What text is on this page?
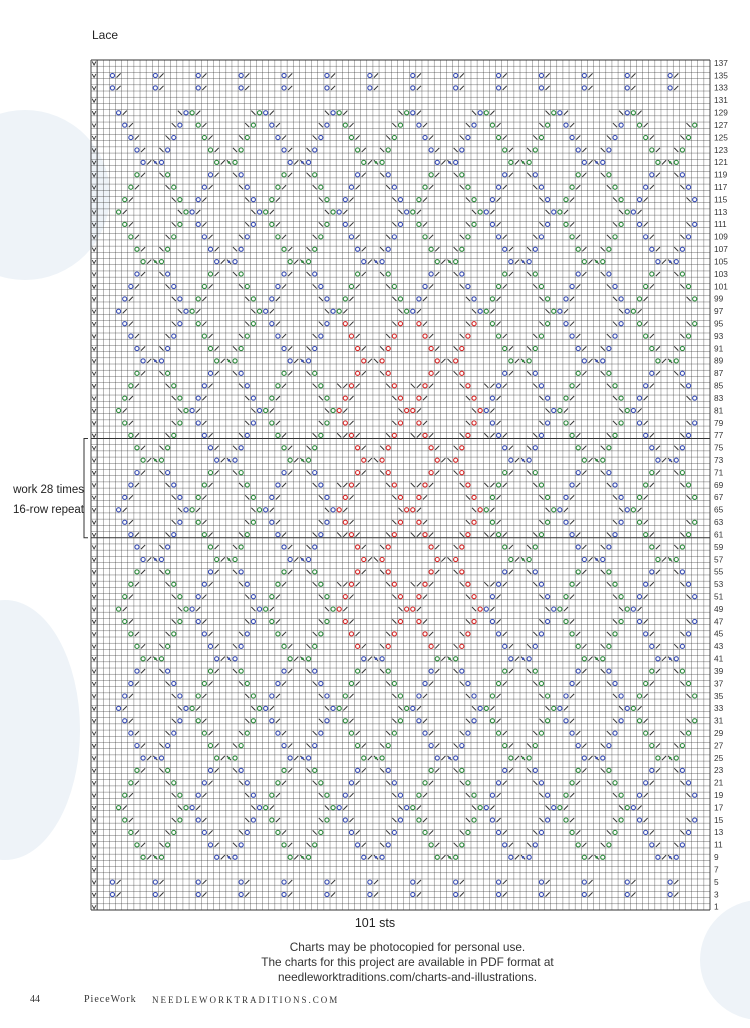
Lace
137
135
133
131
129
127
125
123
121
119
117
115
113
111
109
107
105
103
101
99
97
95
93
91
89
87
85
83
81
79
77
75
73
71
69
67
65
63
61
59
57
55
53
51
49
47
45
43
41
39
37
35
33
31
29
27
25
23
21
19
17
15
13
11
9
7
5
3
1
work 28 times
16-row repeat
101 sts
Charts may be photocopied for personal use.
The charts for this project are available in PDF format at
needleworktraditions.com/charts-and-illustrations.
44	PieceWork NEEDLEWORKTRADITIONS.COM
